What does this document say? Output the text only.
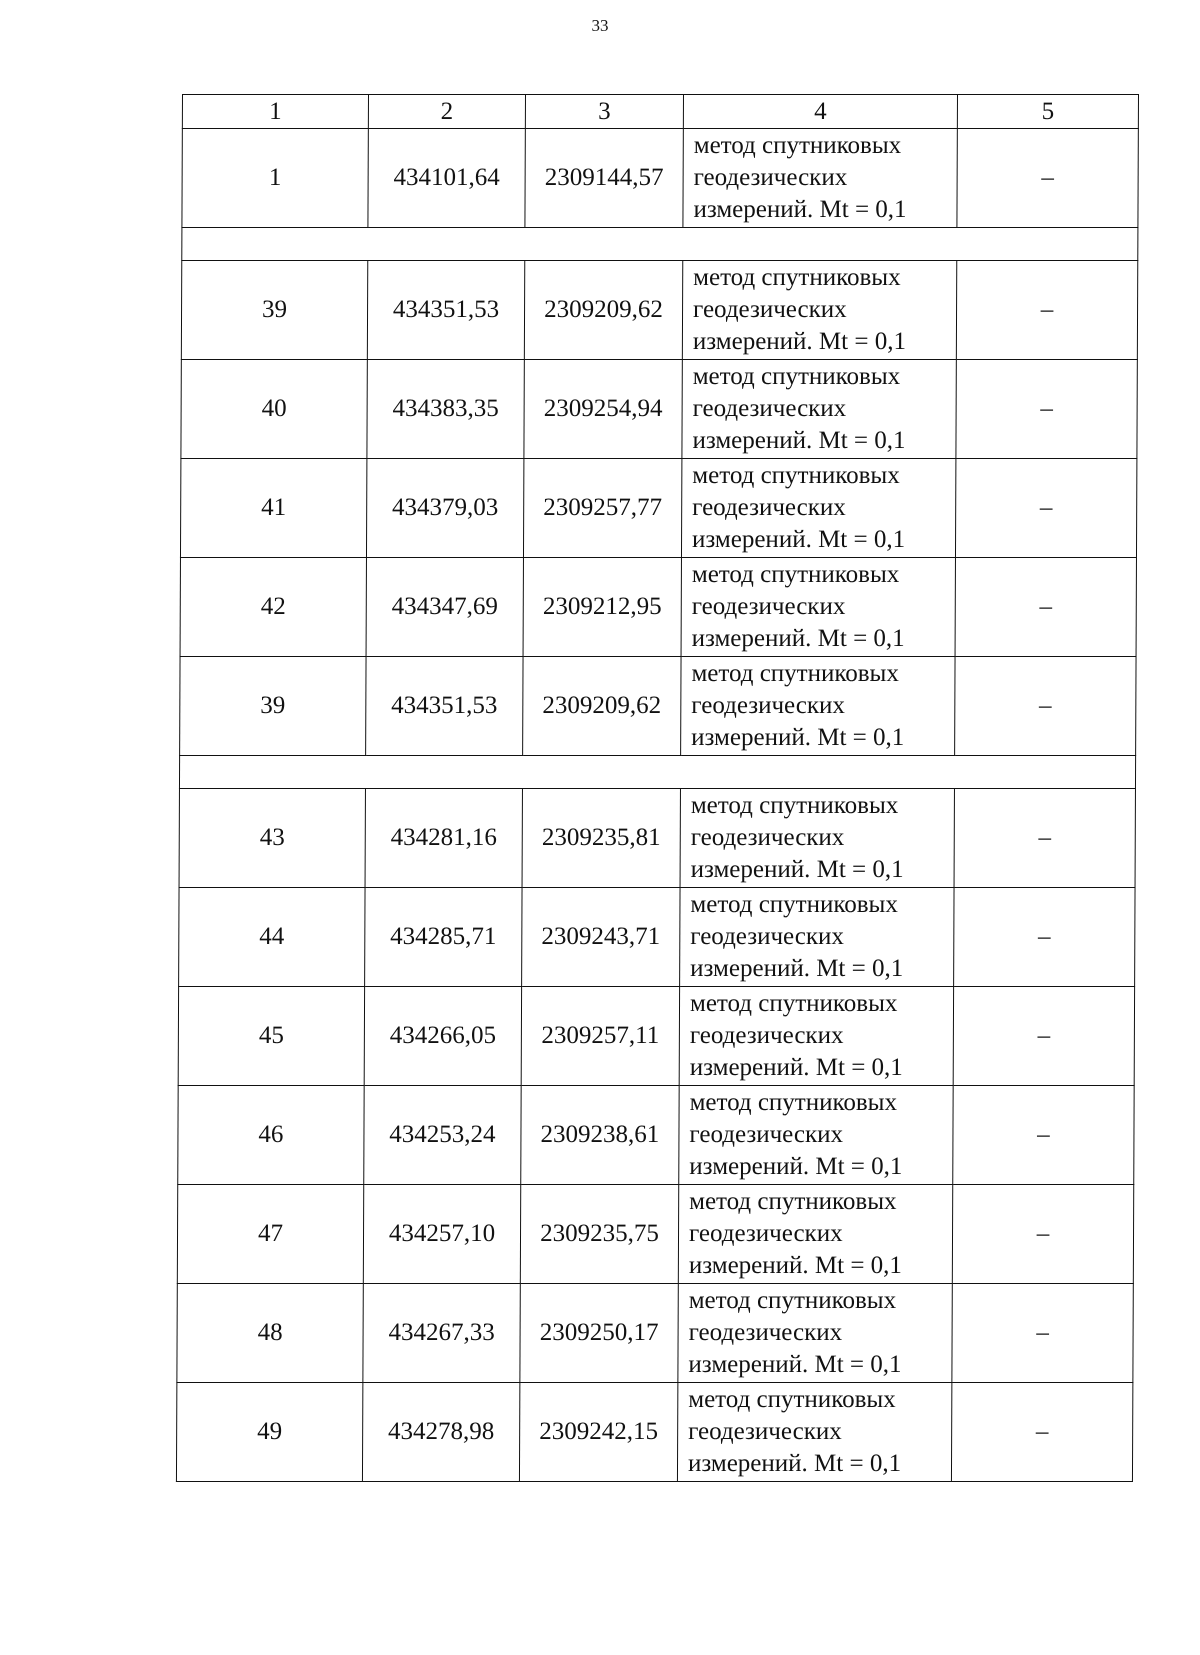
33
1	2	3	4	5
1	434101,64	2309144,57	метод спутниковых
геодезических
измерений. Mt = 0,1	–

39	434351,53	2309209,62	метод спутниковых
геодезических
измерений. Mt = 0,1	–
40	434383,35	2309254,94	метод спутниковых
геодезических
измерений. Mt = 0,1	–
41	434379,03	2309257,77	метод спутниковых
геодезических
измерений. Mt = 0,1	–
42	434347,69	2309212,95	метод спутниковых
геодезических
измерений. Mt = 0,1	–
39	434351,53	2309209,62	метод спутниковых
геодезических
измерений. Mt = 0,1	–

43	434281,16	2309235,81	метод спутниковых
геодезических
измерений. Mt = 0,1	–
44	434285,71	2309243,71	метод спутниковых
геодезических
измерений. Mt = 0,1	–
45	434266,05	2309257,11	метод спутниковых
геодезических
измерений. Mt = 0,1	–
46	434253,24	2309238,61	метод спутниковых
геодезических
измерений. Mt = 0,1	–
47	434257,10	2309235,75	метод спутниковых
геодезических
измерений. Mt = 0,1	–
48	434267,33	2309250,17	метод спутниковых
геодезических
измерений. Mt = 0,1	–
49	434278,98	2309242,15	метод спутниковых
геодезических
измерений. Mt = 0,1	–
